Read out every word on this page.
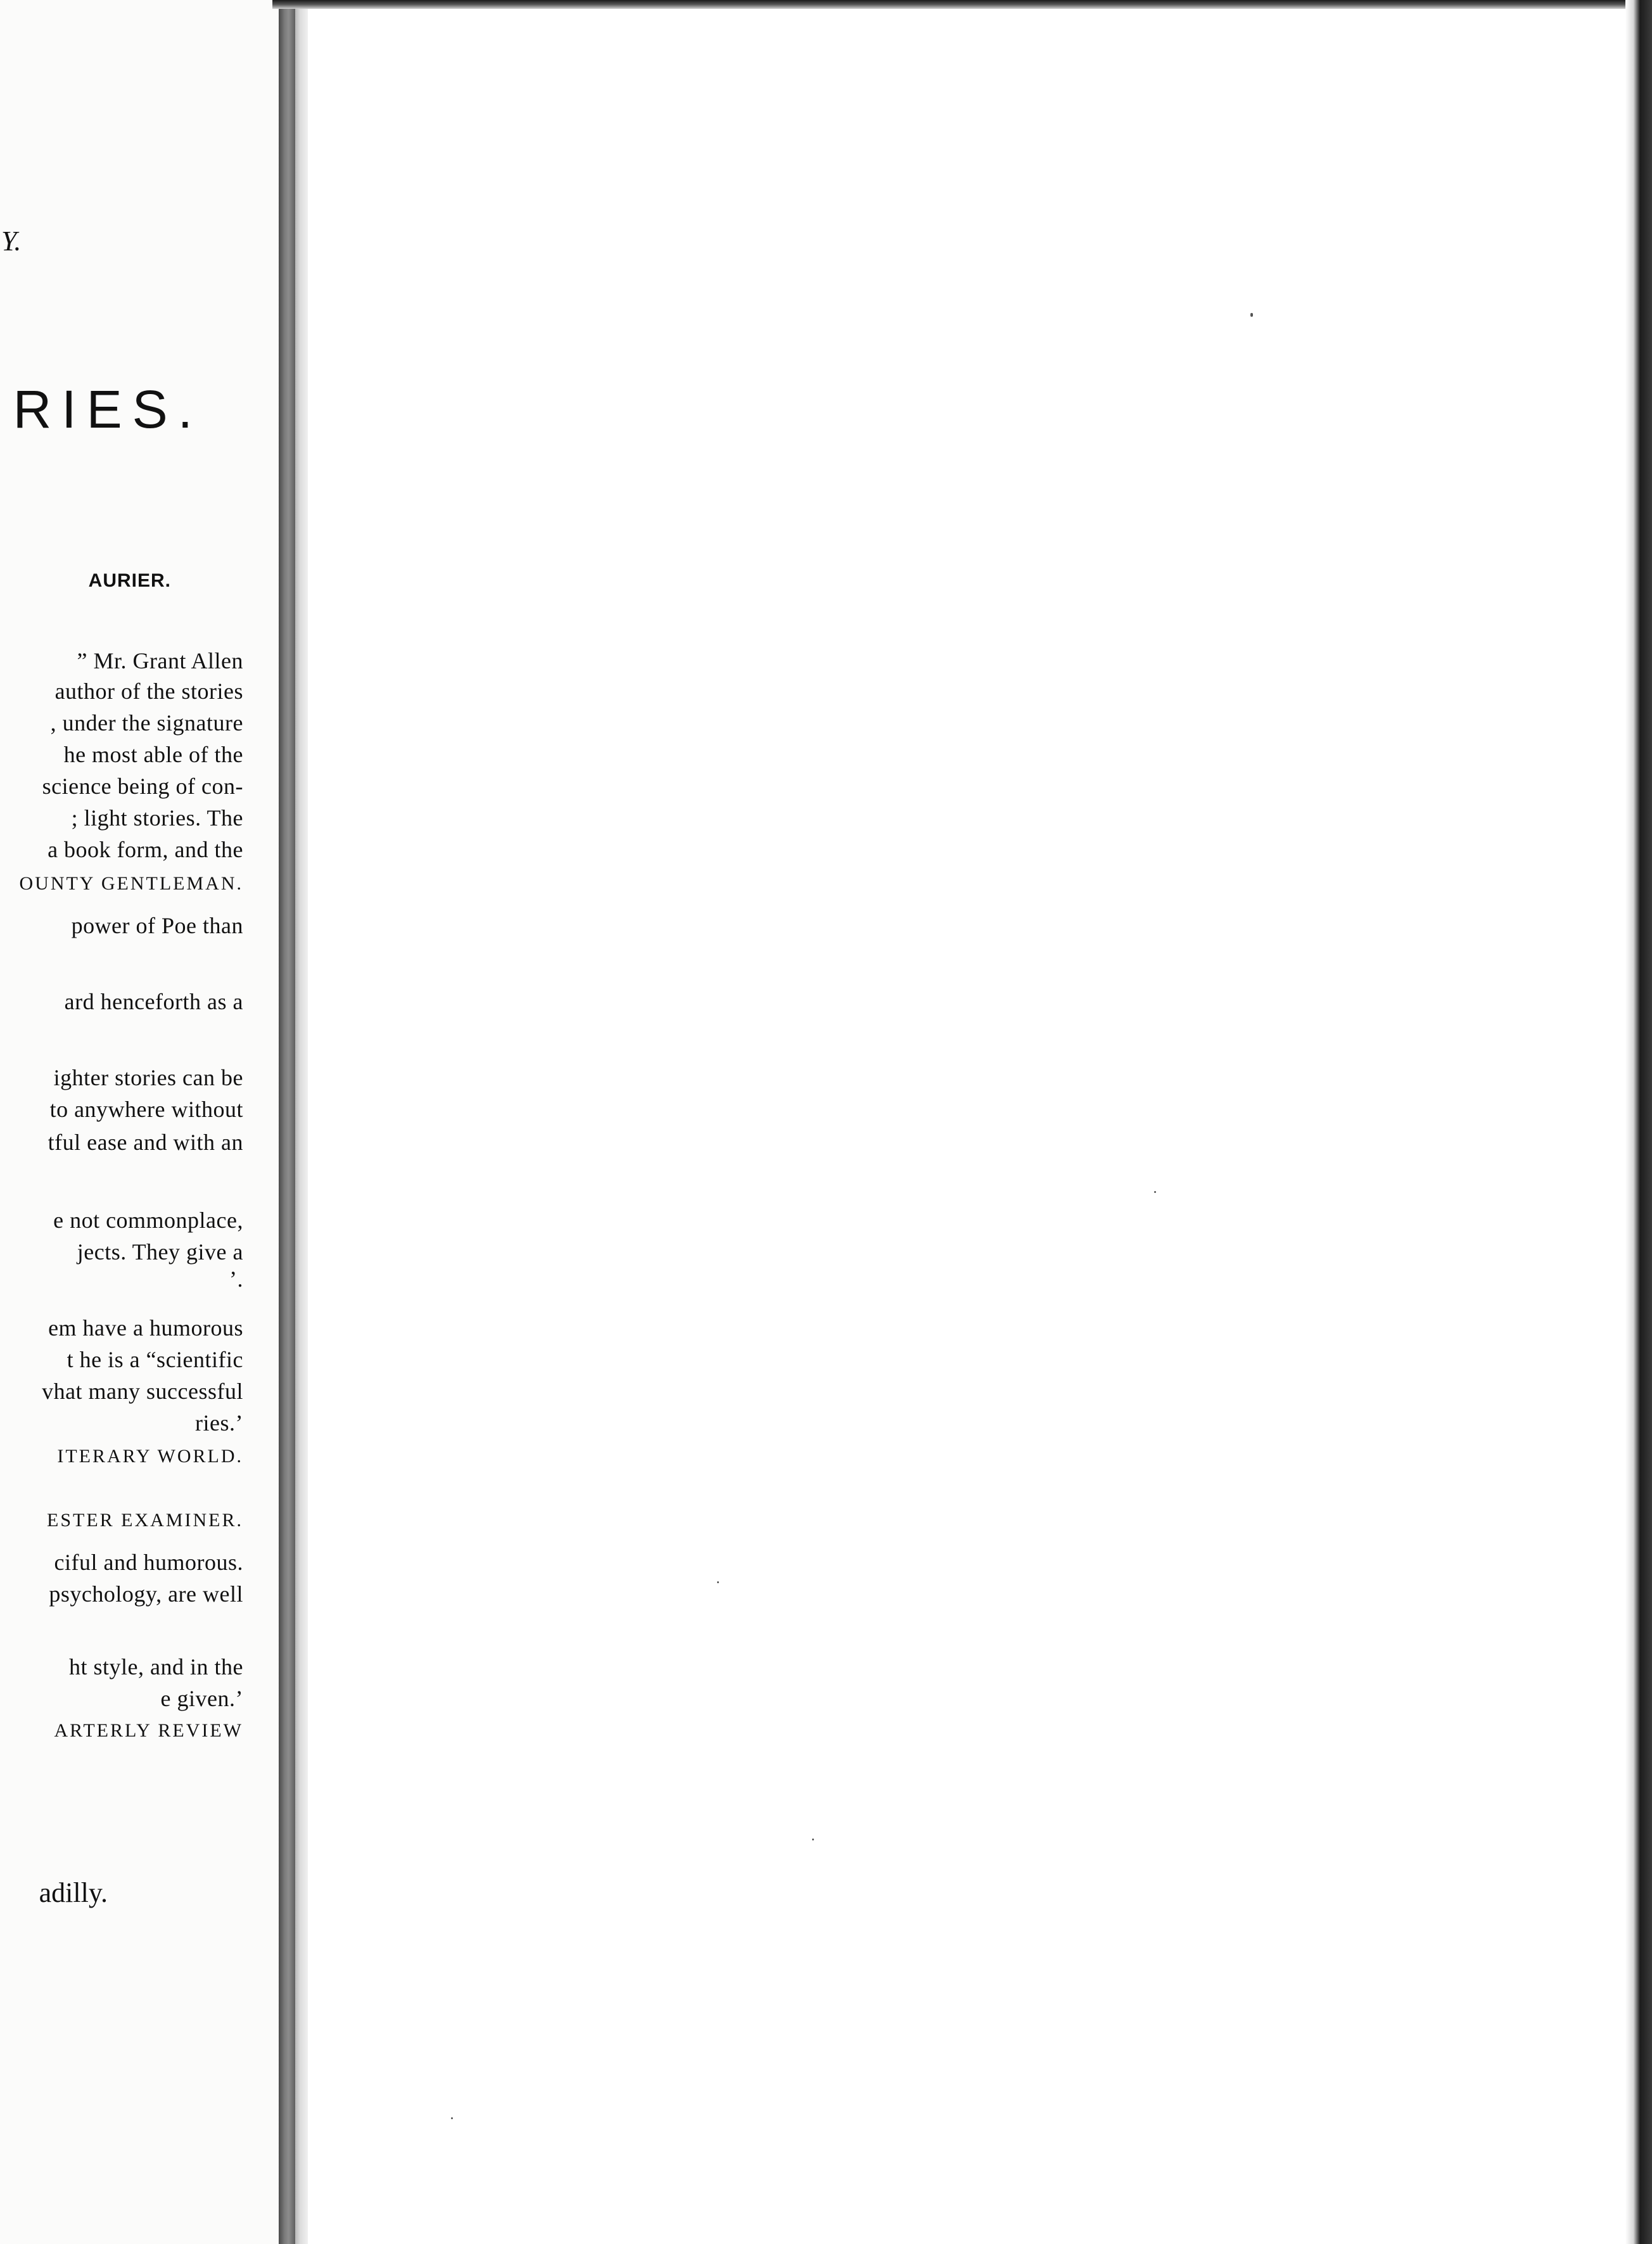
Y.
RIES.
AURIER.
” Mr. Grant Allen
author of the stories
, under the signature
he most able of the
science being of con-
; light stories. The
a book form, and the
OUNTY GENTLEMAN.
power of Poe than
ard henceforth as a
ighter stories can be
to anywhere without
tful ease and with an
e not commonplace,
jects. They give a
’.
em have a humorous
t he is a “scientific
vhat many successful
ries.’
ITERARY WORLD.
ESTER EXAMINER.
ciful and humorous.
psychology, are well
ht style, and in the
e given.’
ARTERLY REVIEW
adilly.
